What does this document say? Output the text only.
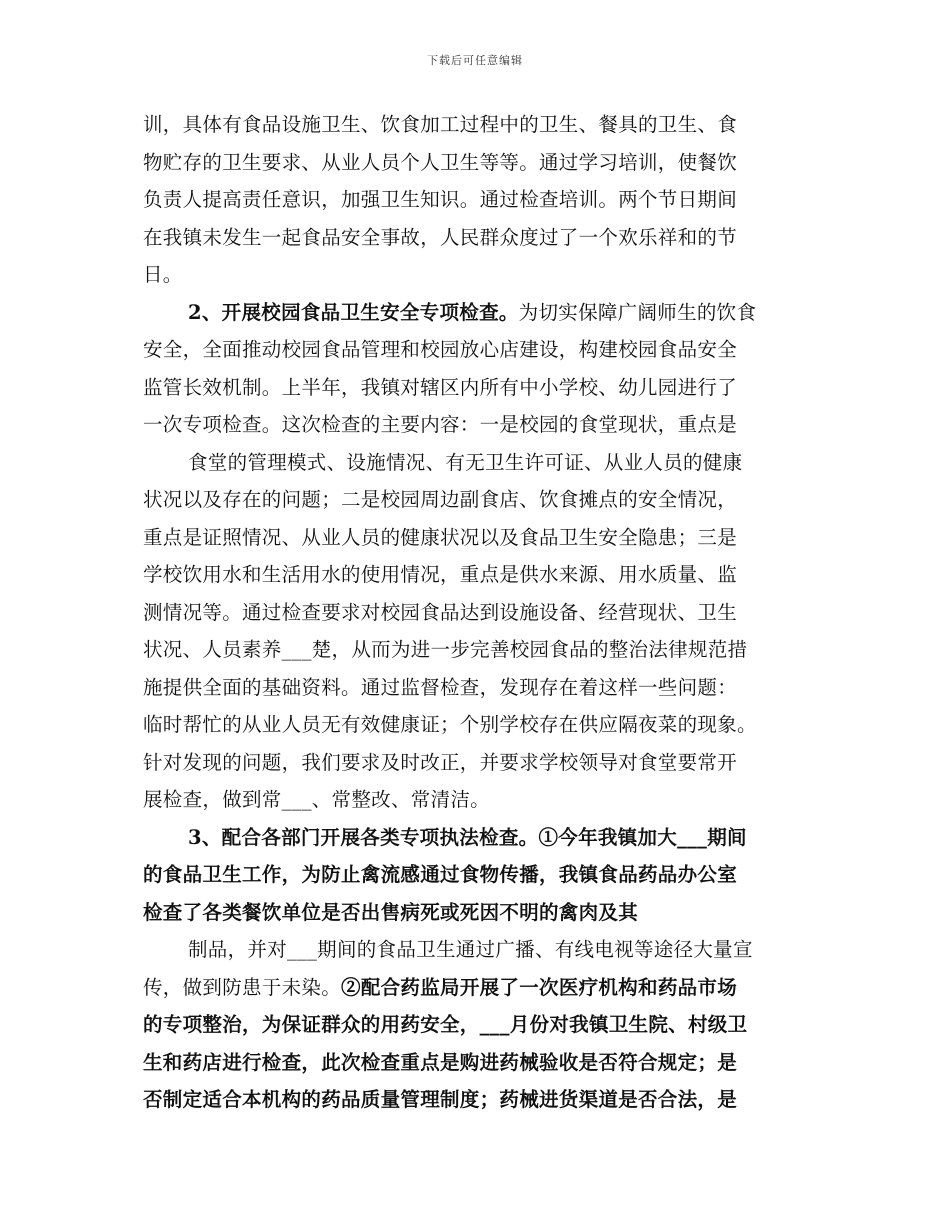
下载后可任意编辑
训，具体有食品设施卫生、饮食加工过程中的卫生、餐具的卫生、食
物贮存的卫生要求、从业人员个人卫生等等。通过学习培训，使餐饮
负责人提高责任意识，加强卫生知识。通过检查培训。两个节日期间
在我镇未发生一起食品安全事故，人民群众度过了一个欢乐祥和的节
日。
2、开展校园食品卫生安全专项检查。为切实保障广阔师生的饮食
安全，全面推动校园食品管理和校园放心店建设，构建校园食品安全
监管长效机制。上半年，我镇对辖区内所有中小学校、幼儿园进行了
一次专项检查。这次检查的主要内容：一是校园的食堂现状，重点是
食堂的管理模式、设施情况、有无卫生许可证、从业人员的健康
状况以及存在的问题；二是校园周边副食店、饮食摊点的安全情况，
重点是证照情况、从业人员的健康状况以及食品卫生安全隐患；三是
学校饮用水和生活用水的使用情况，重点是供水来源、用水质量、监
测情况等。通过检查要求对校园食品达到设施设备、经营现状、卫生
状况、人员素养___楚，从而为进一步完善校园食品的整治法律规范措
施提供全面的基础资料。通过监督检查，发现存在着这样一些问题：
临时帮忙的从业人员无有效健康证；个别学校存在供应隔夜菜的现象。
针对发现的问题，我们要求及时改正，并要求学校领导对食堂要常开
展检查，做到常___、常整改、常清洁。
3、配合各部门开展各类专项执法检查。①今年我镇加大___期间
的食品卫生工作，为防止禽流感通过食物传播，我镇食品药品办公室
检查了各类餐饮单位是否出售病死或死因不明的禽肉及其
制品，并对___期间的食品卫生通过广播、有线电视等途径大量宣
传，做到防患于未染。②配合药监局开展了一次医疗机构和药品市场
的专项整治，为保证群众的用药安全，___月份对我镇卫生院、村级卫
生和药店进行检查，此次检查重点是购进药械验收是否符合规定；是
否制定适合本机构的药品质量管理制度；药械进货渠道是否合法，是
